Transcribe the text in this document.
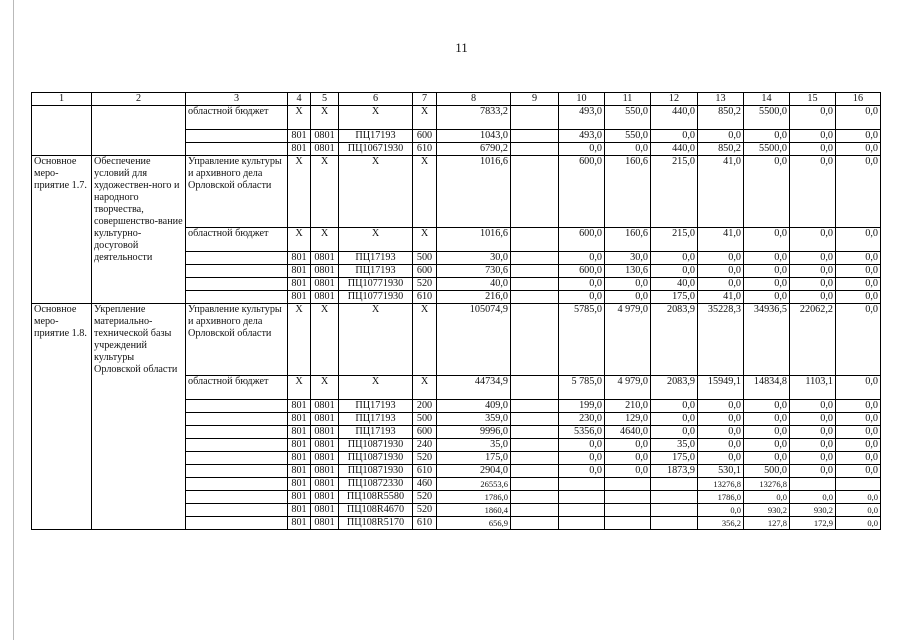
11
1	2	3	4	5	6	7	8	9	10	11	12	13	14	15	16
		областной бюджет	X	X	X	X	7833,2		493,0	550,0	440,0	850,2	5500,0	0,0	0,0
			801	0801	ПЦ17193	600	1043,0		493,0	550,0	0,0	0,0	0,0	0,0	0,0
			801	0801	ПЦ10671930	610	6790,2		0,0	0,0	440,0	850,2	5500,0	0,0	0,0
Основное меро-приятие 1.7.	Обеспечение условий для художествен-ного и народного творчества, совершенство-вание культурно-досуговой деятельности	Управление культуры и архивного дела Орловской области	X	X	X	X	1016,6		600,0	160,6	215,0	41,0	0,0	0,0	0,0
		областной бюджет	X	X	X	X	1016,6		600,0	160,6	215,0	41,0	0,0	0,0	0,0
			801	0801	ПЦ17193	500	30,0		0,0	30,0	0,0	0,0	0,0	0,0	0,0
			801	0801	ПЦ17193	600	730,6		600,0	130,6	0,0	0,0	0,0	0,0	0,0
			801	0801	ПЦ10771930	520	40,0		0,0	0,0	40,0	0,0	0,0	0,0	0,0
			801	0801	ПЦ10771930	610	216,0		0,0	0,0	175,0	41,0	0,0	0,0	0,0
Основное меро-приятие 1.8.	Укрепление материально-технической базы учреждений культуры Орловской области	Управление культуры и архивного дела Орловской области	X	X	X	X	105074,9		5785,0	4 979,0	2083,9	35228,3	34936,5	22062,2	0,0
		областной бюджет	X	X	X	X	44734,9		5 785,0	4 979,0	2083,9	15949,1	14834,8	1103,1	0,0
			801	0801	ПЦ17193	200	409,0		199,0	210,0	0,0	0,0	0,0	0,0	0,0
			801	0801	ПЦ17193	500	359,0		230,0	129,0	0,0	0,0	0,0	0,0	0,0
			801	0801	ПЦ17193	600	9996,0		5356,0	4640,0	0,0	0,0	0,0	0,0	0,0
			801	0801	ПЦ10871930	240	35,0		0,0	0,0	35,0	0,0	0,0	0,0	0,0
			801	0801	ПЦ10871930	520	175,0		0,0	0,0	175,0	0,0	0,0	0,0	0,0
			801	0801	ПЦ10871930	610	2904,0		0,0	0,0	1873,9	530,1	500,0	0,0	0,0
			801	0801	ПЦ10872330	460	26553,6					13276,8	13276,8		
			801	0801	ПЦ108R5580	520	1786,0					1786,0	0,0	0,0	0,0
			801	0801	ПЦ108R4670	520	1860,4					0,0	930,2	930,2	0,0
			801	0801	ПЦ108R5170	610	656,9					356,2	127,8	172,9	0,0
